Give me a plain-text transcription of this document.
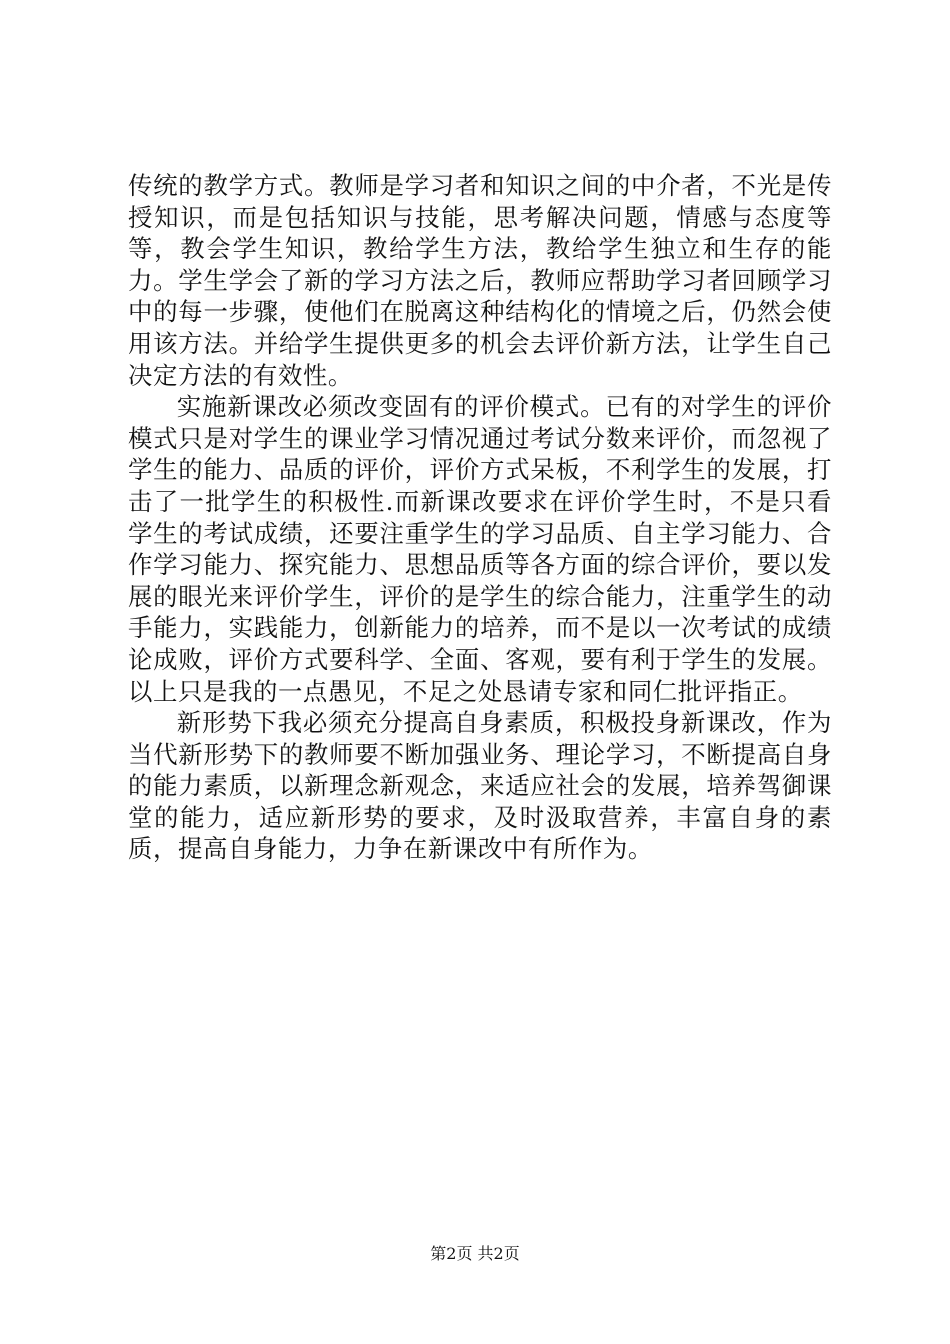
传统的教学方式。教师是学习者和知识之间的中介者，不光是传授知识，而是包括知识与技能，思考解决问题，情感与态度等等，教会学生知识，教给学生方法，教给学生独立和生存的能力。学生学会了新的学习方法之后，教师应帮助学习者回顾学习中的每一步骤，使他们在脱离这种结构化的情境之后，仍然会使用该方法。并给学生提供更多的机会去评价新方法，让学生自己决定方法的有效性。

实施新课改必须改变固有的评价模式。已有的对学生的评价模式只是对学生的课业学习情况通过考试分数来评价，而忽视了学生的能力、品质的评价，评价方式呆板，不利学生的发展，打击了一批学生的积极性.而新课改要求在评价学生时，不是只看学生的考试成绩，还要注重学生的学习品质、自主学习能力、合作学习能力、探究能力、思想品质等各方面的综合评价，要以发展的眼光来评价学生，评价的是学生的综合能力，注重学生的动手能力，实践能力，创新能力的培养，而不是以一次考试的成绩论成败，评价方式要科学、全面、客观，要有利于学生的发展。以上只是我的一点愚见，不足之处恳请专家和同仁批评指正。

新形势下我必须充分提高自身素质，积极投身新课改，作为当代新形势下的教师要不断加强业务、理论学习，不断提高自身的能力素质，以新理念新观念，来适应社会的发展，培养驾御课堂的能力，适应新形势的要求，及时汲取营养，丰富自身的素质，提高自身能力，力争在新课改中有所作为。

第2页 共2页
